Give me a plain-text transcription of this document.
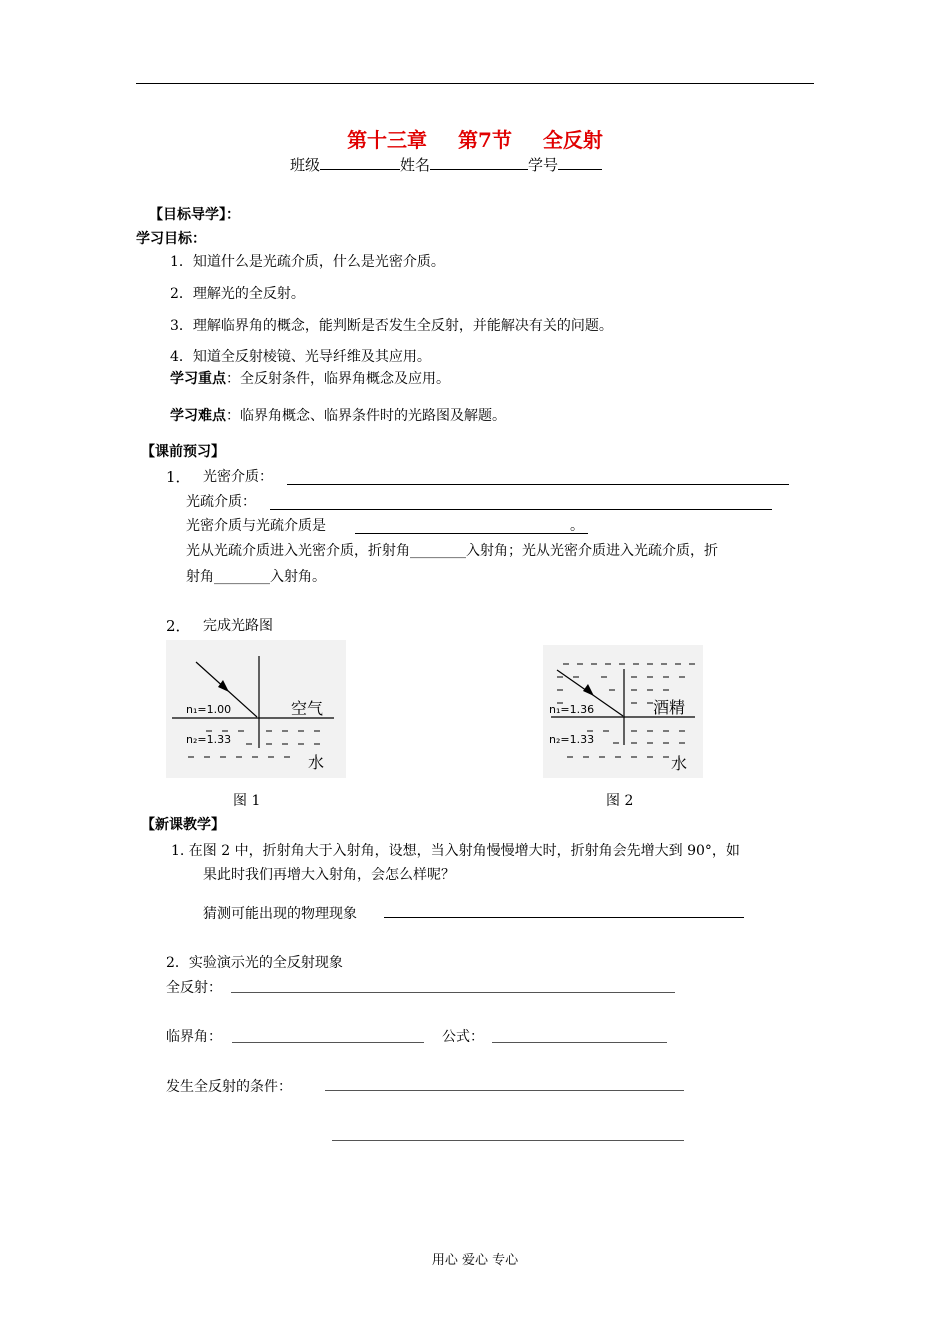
第十三章 第7节 全反射
班级	姓名	学号
【目标导学】：
学习目标：
1．知道什么是光疏介质，什么是光密介质。
2．理解光的全反射。
3．理解临界角的概念，能判断是否发生全反射，并能解决有关的问题。
4．知道全反射棱镜、光导纤维及其应用。
学习重点：全反射条件，临界角概念及应用。
学习难点：临界角概念、临界条件时的光路图及解题。
【课前预习】
1． 光密介质：
光疏介质：
光密介质与光疏介质是	。
光从光疏介质进入光密介质，折射角________入射角；光从光密介质进入光疏介质，折
射角________入射角。
2． 完成光路图
n₁=1.00
n₂=1.33
空气
水
图 1
n₁=1.36
n₂=1.33
酒精
水
图 2
【新课教学】
1. 在图 2 中，折射角大于入射角，设想，当入射角慢慢增大时，折射角会先增大到 90°，如
果此时我们再增大入射角，会怎么样呢？
猜测可能出现的物理现象
2．实验演示光的全反射现象
全反射：
临界角：	公式：
发生全反射的条件：
用心 爱心 专心
